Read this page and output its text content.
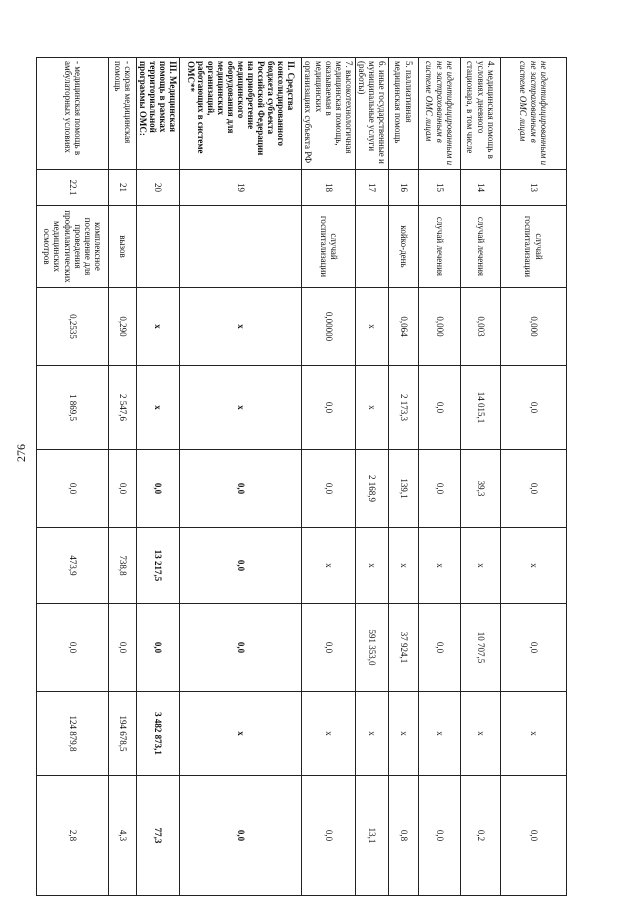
276
не идентифицированным и не застрахованным в системе ОМС лицам	13	случай госпитализации	0,000	0,0	0,0	x	0,0	x	0,0
4. медицинская помощь в условиях дневного стационара, в том числе	14	случай лечения	0,003	14 015,1	39,3	x	10 707,5	x	0,2
не идентифицированным и не застрахованным в системе ОМС лицам	15	случай лечения	0,000	0,0	0,0	x	0,0	x	0,0
5. паллиативная медицинская помощь	16	койко-день	0,064	2 173,3	139,1	x	37 924,1	x	0,8
6. иные государственные и муниципальные услуги (работы)	17		x	x	2 168,9	x	591 353,0	x	13,1
7. высокотехнологичная медицинская помощь, оказываемая в медицинских организациях субъекта РФ	18	случай госпитализации	0,00000	0,0	0,0	x	0,0	x	0,0
II. Средства консолидированного бюджета субъекта Российской Федерации на приобретение медицинского оборудования для медицинских организаций, работающих в системе ОМС**	19		x	x	0,0	0,0	0,0	x	0,0
III. Медицинская помощь в рамках территориальной программы ОМС:	20		x	x	0,0	13 217,5	0,0	3 482 873,1	77,3
- скорая медицинская помощь	21	вызов	0,290	2 547,6	0,0	738,8	0,0	194 678,5	4,3
- медицинская помощь в амбулаторных условиях	22.1	комплексное посещение для проведения профилактических медицинских осмотров	0,2535	1 869,5	0,0	473,9	0,0	124 879,8	2,8
